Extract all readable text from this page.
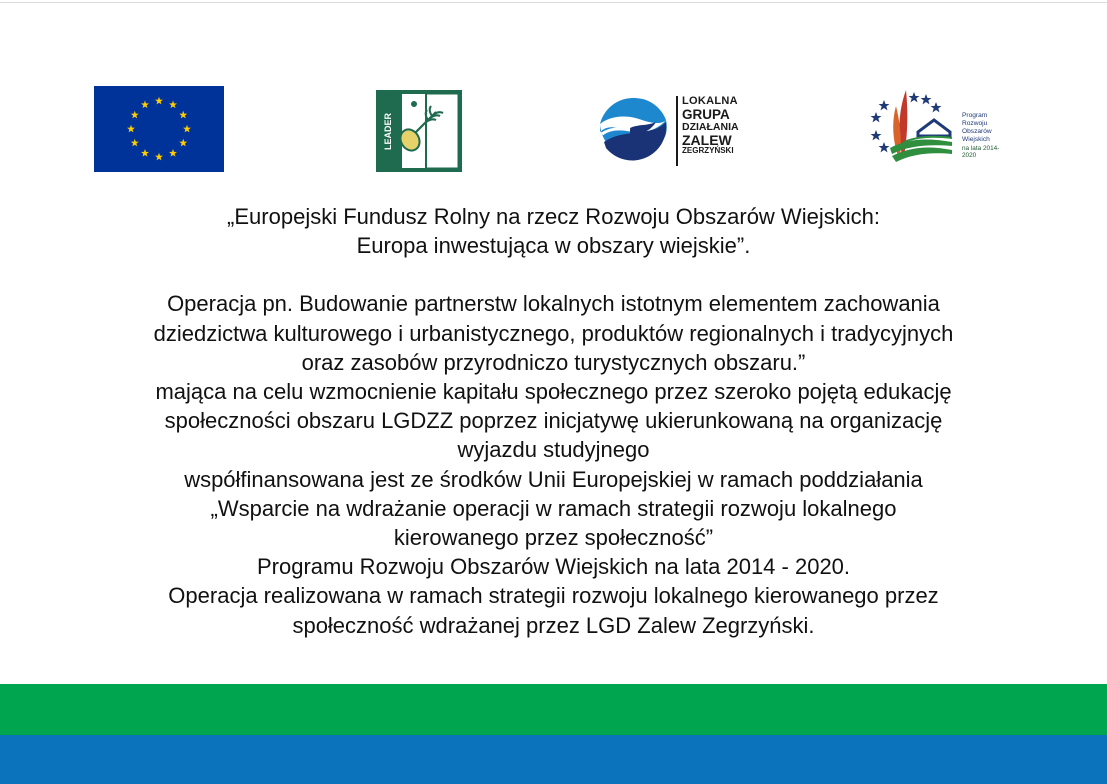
LEADER
LOKALNA
GRUPA
DZIAŁANIA
ZALEW
ZEGRZYŃSKI
Program
Rozwoju
Obszarów
Wiejskich
na lata 2014-2020

„Europejski Fundusz Rolny na rzecz Rozwoju Obszarów Wiejskich:

Europa inwestująca w obszary wiejskie”.

Operacja pn. Budowanie partnerstw lokalnych istotnym elementem zachowania

dziedzictwa kulturowego i urbanistycznego, produktów regionalnych i tradycyjnych

oraz zasobów przyrodniczo turystycznych obszaru.”

mająca na celu wzmocnienie kapitału społecznego przez szeroko pojętą edukację

społeczności obszaru LGDZZ poprzez inicjatywę ukierunkowaną na organizację

wyjazdu studyjnego

współfinansowana jest ze środków Unii Europejskiej w ramach poddziałania

„Wsparcie na wdrażanie operacji w ramach strategii rozwoju lokalnego

kierowanego przez społeczność”

Programu Rozwoju Obszarów Wiejskich na lata 2014 - 2020.

Operacja realizowana w ramach strategii rozwoju lokalnego kierowanego przez

społeczność wdrażanej przez LGD Zalew Zegrzyński.
